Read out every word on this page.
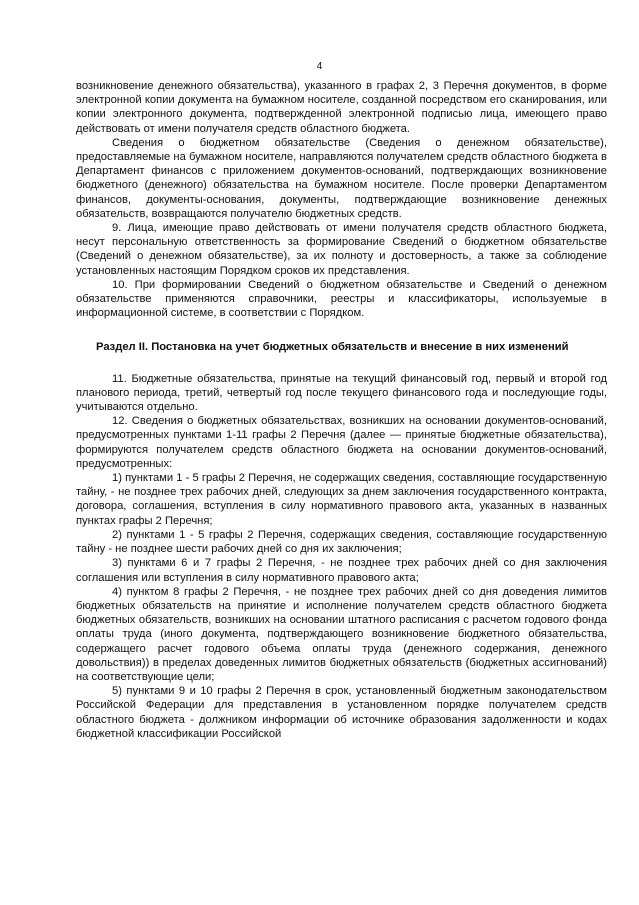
4

возникновение денежного обязательства), указанного в графах 2, 3 Перечня документов, в форме электронной копии документа на бумажном носителе, созданной посредством его сканирования, или копии электронного документа, подтвержденной электронной подписью лица, имеющего право действовать от имени получателя средств областного бюджета.

Сведения о бюджетном обязательстве (Сведения о денежном обязательстве), предоставляемые на бумажном носителе, направляются получателем средств областного бюджета в Департамент финансов с приложением документов-оснований, подтверждающих возникновение бюджетного (денежного) обязательства на бумажном носителе. После проверки Департаментом финансов, документы-основания, документы, подтверждающие возникновение денежных обязательств, возвращаются получателю бюджетных средств.

9. Лица, имеющие право действовать от имени получателя средств областного бюджета, несут персональную ответственность за формирование Сведений о бюджетном обязательстве (Сведений о денежном обязательстве), за их полноту и достоверность, а также за соблюдение установленных настоящим Порядком сроков их представления.

10. При формировании Сведений о бюджетном обязательстве и Сведений о денежном обязательстве применяются справочники, реестры и классификаторы, используемые в информационной системе, в соответствии с Порядком.

Раздел II. Постановка на учет бюджетных обязательств и внесение в них изменений

11. Бюджетные обязательства, принятые на текущий финансовый год, первый и второй год планового периода, третий, четвертый год после текущего финансового года и последующие годы, учитываются отдельно.

12. Сведения о бюджетных обязательствах, возникших на основании документов-оснований, предусмотренных пунктами 1-11 графы 2 Перечня (далее — принятые бюджетные обязательства), формируются получателем средств областного бюджета на основании документов-оснований, предусмотренных:

1) пунктами 1 - 5 графы 2 Перечня, не содержащих сведения, составляющие государственную тайну, - не позднее трех рабочих дней, следующих за днем заключения государственного контракта, договора, соглашения, вступления в силу нормативного правового акта, указанных в названных пунктах графы 2 Перечня;

2) пунктами 1 - 5 графы 2 Перечня, содержащих сведения, составляющие государственную тайну - не позднее шести рабочих дней со дня их заключения;

3) пунктами 6 и 7 графы 2 Перечня, - не позднее трех рабочих дней со дня заключения соглашения или вступления в силу нормативного правового акта;

4) пунктом 8 графы 2 Перечня, - не позднее трех рабочих дней со дня доведения лимитов бюджетных обязательств на принятие и исполнение получателем средств областного бюджета бюджетных обязательств, возникших на основании штатного расписания с расчетом годового фонда оплаты труда (иного документа, подтверждающего возникновение бюджетного обязательства, содержащего расчет годового объема оплаты труда (денежного содержания, денежного довольствия)) в пределах доведенных лимитов бюджетных обязательств (бюджетных ассигнований) на соответствующие цели;

5) пунктами 9 и 10 графы 2 Перечня в срок, установленный бюджетным законодательством Российской Федерации для представления в установленном порядке получателем средств областного бюджета - должником информации об источнике образования задолженности и кодах бюджетной классификации Российской
